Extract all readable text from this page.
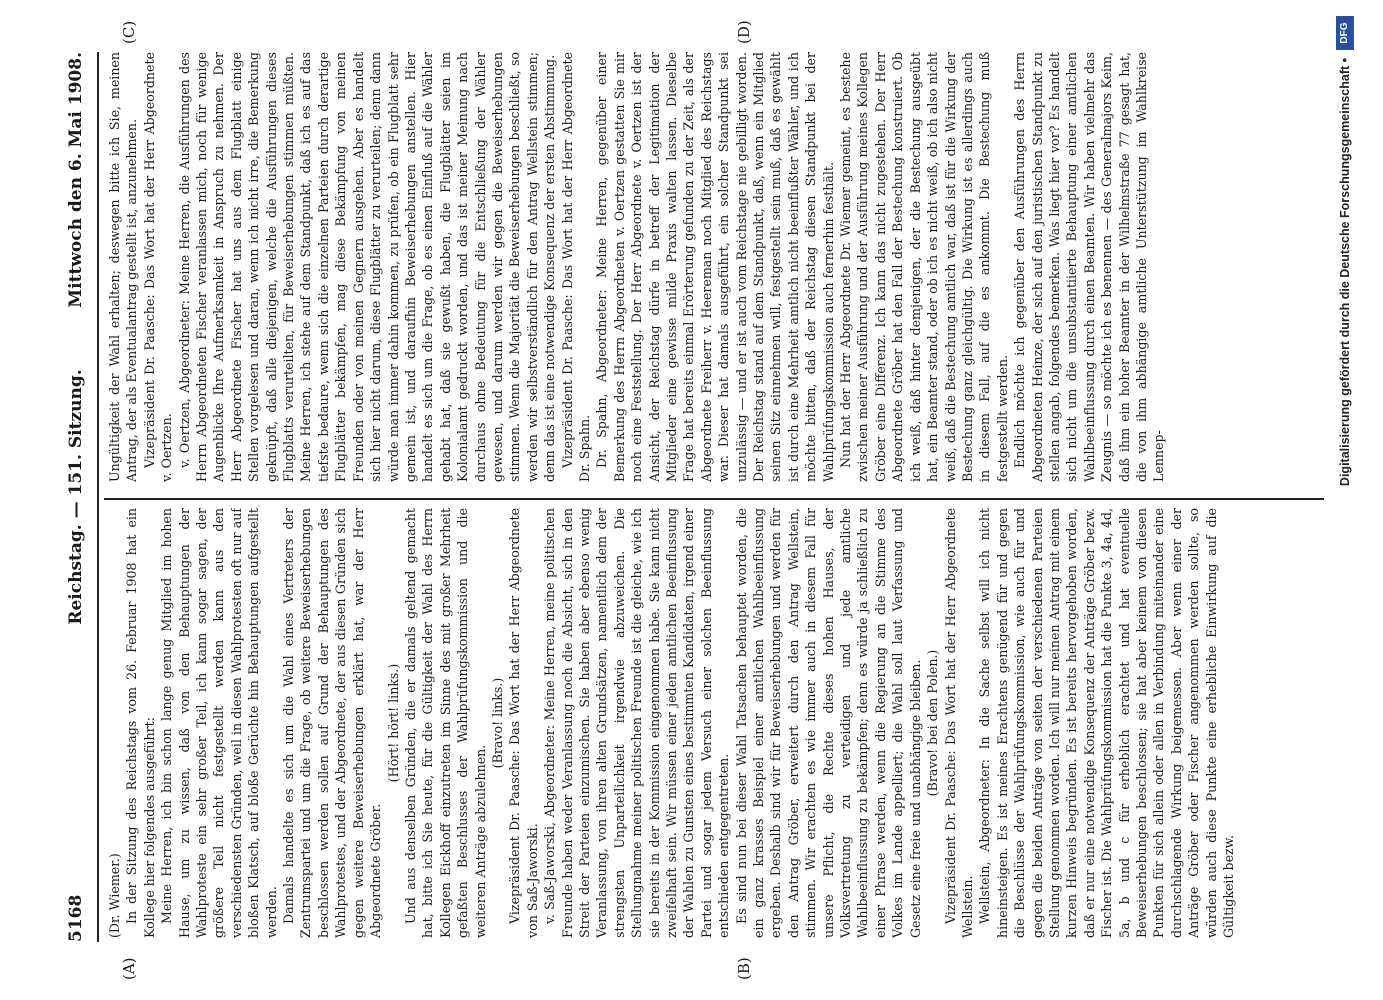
5168
Reichstag. — 151. Sitzung.
Mittwoch den 6. Mai 1908.
(A)	(B)
(C)	(D)

(Dr. Wiemer.) In der Sitzung des Reichstags vom 26. Februar 1908 hat ein Kollege hier folgendes ausgeführt: Meine Herren, ich bin schon lange genug Mitglied im hohen Hause, um zu wissen, daß von den Behauptungen der Wahlproteste ein sehr großer Teil, ich kann sogar sagen, der größere Teil nicht festgestellt werden kann aus den verschiedensten Gründen, weil in diesen Wahlprotesten oft nur auf bloßen Klatsch, auf bloße Gerüchte hin Behauptungen aufgestellt werden. Damals handelte es sich um die Wahl eines Vertreters der Zentrumspartei und um die Frage, ob weitere Beweiserhebungen beschlossen werden sollen auf Grund der Behauptungen des Wahlprotestes, und der Abgeordnete, der aus diesen Gründen sich gegen weitere Beweiserhebungen erklärt hat, war der Herr Abgeordnete Gröber.

(Hört! hört! links.) Und aus denselben Gründen, die er damals geltend gemacht hat, bitte ich Sie heute, für die Gültigkeit der Wahl des Herrn Kollegen Eickhoff einzutreten im Sinne des mit großer Mehrheit gefaßten Beschlusses der Wahlprüfungskommission und die weiteren Anträge abzulehnen.

(Bravo! links.) Vizepräsident Dr. Paasche: Das Wort hat der Herr Abgeordnete von Saß-Jaworski. v. Saß-Jaworski, Abgeordneter: Meine Herren, meine politischen Freunde haben weder Veranlassung noch die Absicht, sich in den Streit der Parteien einzumischen. Sie haben aber ebenso wenig Veranlassung, von ihren alten Grundsätzen, namentlich dem der strengsten Unparteilichkeit irgendwie abzuweichen. Die Stellungnahme meiner politischen Freunde ist die gleiche, wie ich sie bereits in der Kommission eingenommen habe. Sie kann nicht zweifelhaft sein. Wir müssen einer jeden amtlichen Beeinflussung der Wahlen zu Gunsten eines bestimmten Kandidaten, irgend einer Partei und sogar jedem Versuch einer solchen Beeinflussung entschieden entgegentreten. Es sind nun bei dieser Wahl Tatsachen behauptet worden, die ein ganz krasses Beispiel einer amtlichen Wahlbeeinflussung ergeben. Deshalb sind wir für Beweiserhebungen und werden für den Antrag Gröber, erweitert durch den Antrag Wellstein, stimmen. Wir erachten es wie immer auch in diesem Fall für unsere Pflicht, die Rechte dieses hohen Hauses, der Volksvertretung zu verteidigen und jede amtliche Wahlbeeinflussung zu bekämpfen; denn es würde ja schließlich zu einer Phrase werden, wenn die Regierung an die Stimme des Volkes im Lande appelliert; die Wahl soll laut Verfassung und Gesetz eine freie und unabhängige bleiben. (Bravo! bei den Polen.) Vizepräsident Dr. Paasche: Das Wort hat der Herr Abgeordnete Wellstein. Wellstein, Abgeordneter: In die Sache selbst will ich nicht hineinsteigen. Es ist meines Erachtens genügend für und gegen die Beschlüsse der Wahlprüfungskommission, wie auch für und gegen die beiden Anträge von seiten der verschiedenen Parteien Stellung genommen worden. Ich will nur meinen Antrag mit einem kurzen Hinweis begründen. Es ist bereits hervorgehoben worden, daß er nur eine notwendige Konsequenz der Anträge Gröber bezw. Fischer ist. Die Wahlprüfungskommission hat die Punkte 3, 4a, 4d, 5a, b und c für erheblich erachtet und hat eventuelle Beweiserhebungen beschlossen; sie hat aber keinem von diesen Punkten für sich allein oder allen in Verbindung miteinander eine durchschlagende Wirkung beigemessen. Aber wenn einer der Anträge Gröber oder Fischer angenommen werden sollte, so würden auch diese Punkte eine erhebliche Einwirkung auf die Gültigkeit bezw.

Ungültigkeit der Wahl erhalten; deswegen bitte ich Sie, meinen Antrag, der als Eventualantrag gestellt ist, anzunehmen. Vizepräsident Dr. Paasche: Das Wort hat der Herr Abgeordnete v. Oertzen. v. Oertzen, Abgeordneter: Meine Herren, die Ausführungen des Herrn Abgeordneten Fischer veranlassen mich, noch für wenige Augenblicke Ihre Aufmerksamkeit in Anspruch zu nehmen. Der Herr Abgeordnete Fischer hat uns aus dem Flugblatt einige Stellen vorgelesen und daran, wenn ich nicht irre, die Bemerkung geknüpft, daß alle diejenigen, welche die Ausführungen dieses Flugblatts verurteilten, für Beweiserhebungen stimmen müßten. Meine Herren, ich stehe auf dem Standpunkt, daß ich es auf das tiefste bedaure, wenn sich die einzelnen Parteien durch derartige Flugblätter bekämpfen, mag diese Bekämpfung von meinen Freunden oder von meinen Gegnern ausgehen. Aber es handelt sich hier nicht darum, diese Flugblätter zu verurteilen; denn dann würde man immer dahin kommen, zu prüfen, ob ein Flugblatt sehr gemein ist, und daraufhin Beweiserhebungen anstellen. Hier handelt es sich um die Frage, ob es einen Einfluß auf die Wähler gehabt hat, daß sie gewußt haben, die Flugblätter seien im Kolonialamt gedruckt worden, und das ist meiner Meinung nach durchaus ohne Bedeutung für die Entschließung der Wähler gewesen, und darum werden wir gegen die Beweiserhebungen stimmen. Wenn die Majorität die Beweiserhebungen beschließt, so werden wir selbstverständlich für den Antrag Wellstein stimmen; denn das ist eine notwendige Konsequenz der ersten Abstimmung. Vizepräsident Dr. Paasche: Das Wort hat der Herr Abgeordnete Dr. Spahn. Dr. Spahn, Abgeordneter: Meine Herren, gegenüber einer Bemerkung des Herrn Abgeordneten v. Oertzen gestatten Sie mir noch eine Feststellung. Der Herr Abgeordnete v. Oertzen ist der Ansicht, der Reichstag dürfe in betreff der Legitimation der Mitglieder eine gewisse milde Praxis walten lassen. Dieselbe Frage hat bereits einmal Erörterung gefunden zu der Zeit, als der Abgeordnete Freiherr v. Heereman noch Mitglied des Reichstags war. Dieser hat damals ausgeführt, ein solcher Standpunkt sei unzulässig — und er ist auch vom Reichstage nie gebilligt worden. Der Reichstag stand auf dem Standpunkt, daß, wenn ein Mitglied seinen Sitz einnehmen will, festgestellt sein muß, daß es gewählt ist durch eine Mehrheit amtlich nicht beeinflußter Wähler, und ich möchte bitten, daß der Reichstag diesen Standpunkt bei der Wahlprüfungskommission auch fernerhin festhält. Nun hat der Herr Abgeordnete Dr. Wiemer gemeint, es bestehe zwischen meiner Ausführung und der Ausführung meines Kollegen Gröber eine Differenz. Ich kann das nicht zugestehen. Der Herr Abgeordnete Gröber hat den Fall der Bestechung konstruiert. Ob ich weiß, daß hinter demjenigen, der die Bestechung ausgeübt hat, ein Beamter stand, oder ob ich es nicht weiß, ob ich also nicht weiß, daß die Bestechung amtlich war, daß ist für die Wirkung der Bestechung ganz gleichgültig. Die Wirkung ist es allerdings auch in diesem Fall, auf die es ankommt. Die Bestechung muß festgestellt werden. Endlich möchte ich gegenüber den Ausführungen des Herrn Abgeordneten Heinze, der sich auf den juristischen Standpunkt zu stellen angab, folgendes bemerken. Was liegt hier vor? Es handelt sich nicht um die unsubstantiierte Behauptung einer amtlichen Wahlbeeinflussung durch einen Beamten. Wir haben vielmehr das Zeugnis — so möchte ich es benennen — des Generalmajors Keim, daß ihm ein hoher Beamter in der Wilhelmstraße 77 gesagt hat, die von ihm abhängige amtliche Unterstützung im Wahlkreise Lennep-	Digitalisierung gefördert durch die Deutsche Forschungsgemeinschaft •
DFG
